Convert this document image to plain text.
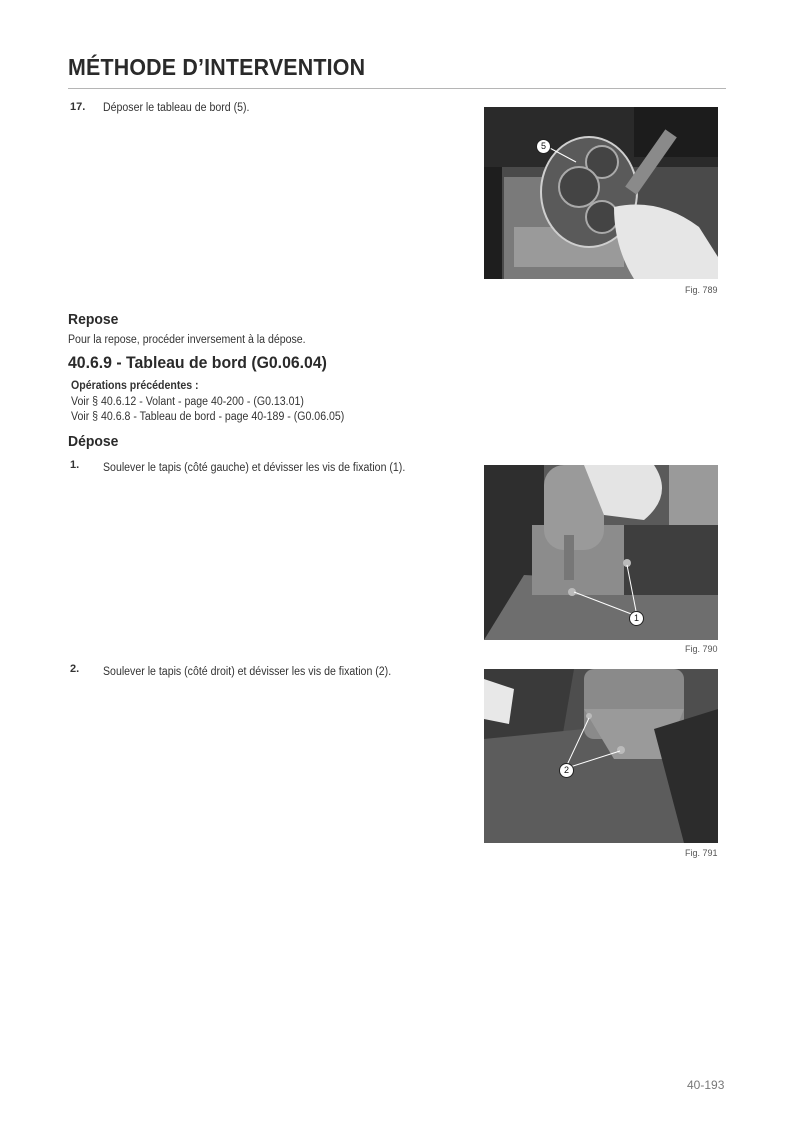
MÉTHODE D’INTERVENTION
17. Déposer le tableau de bord (5).
5
Fig. 789
Repose
Pour la repose, procéder inversement à la dépose.
40.6.9 - Tableau de bord (G0.06.04)
Opérations précédentes :
Voir § 40.6.12 - Volant - page 40-200 - (G0.13.01)
Voir § 40.6.8 - Tableau de bord - page 40-189 - (G0.06.05)
Dépose
1. Soulever le tapis (côté gauche) et dévisser les vis de fixation (1).
1
Fig. 790
2. Soulever le tapis (côté droit) et dévisser les vis de fixation (2).
2
Fig. 791
40-193
